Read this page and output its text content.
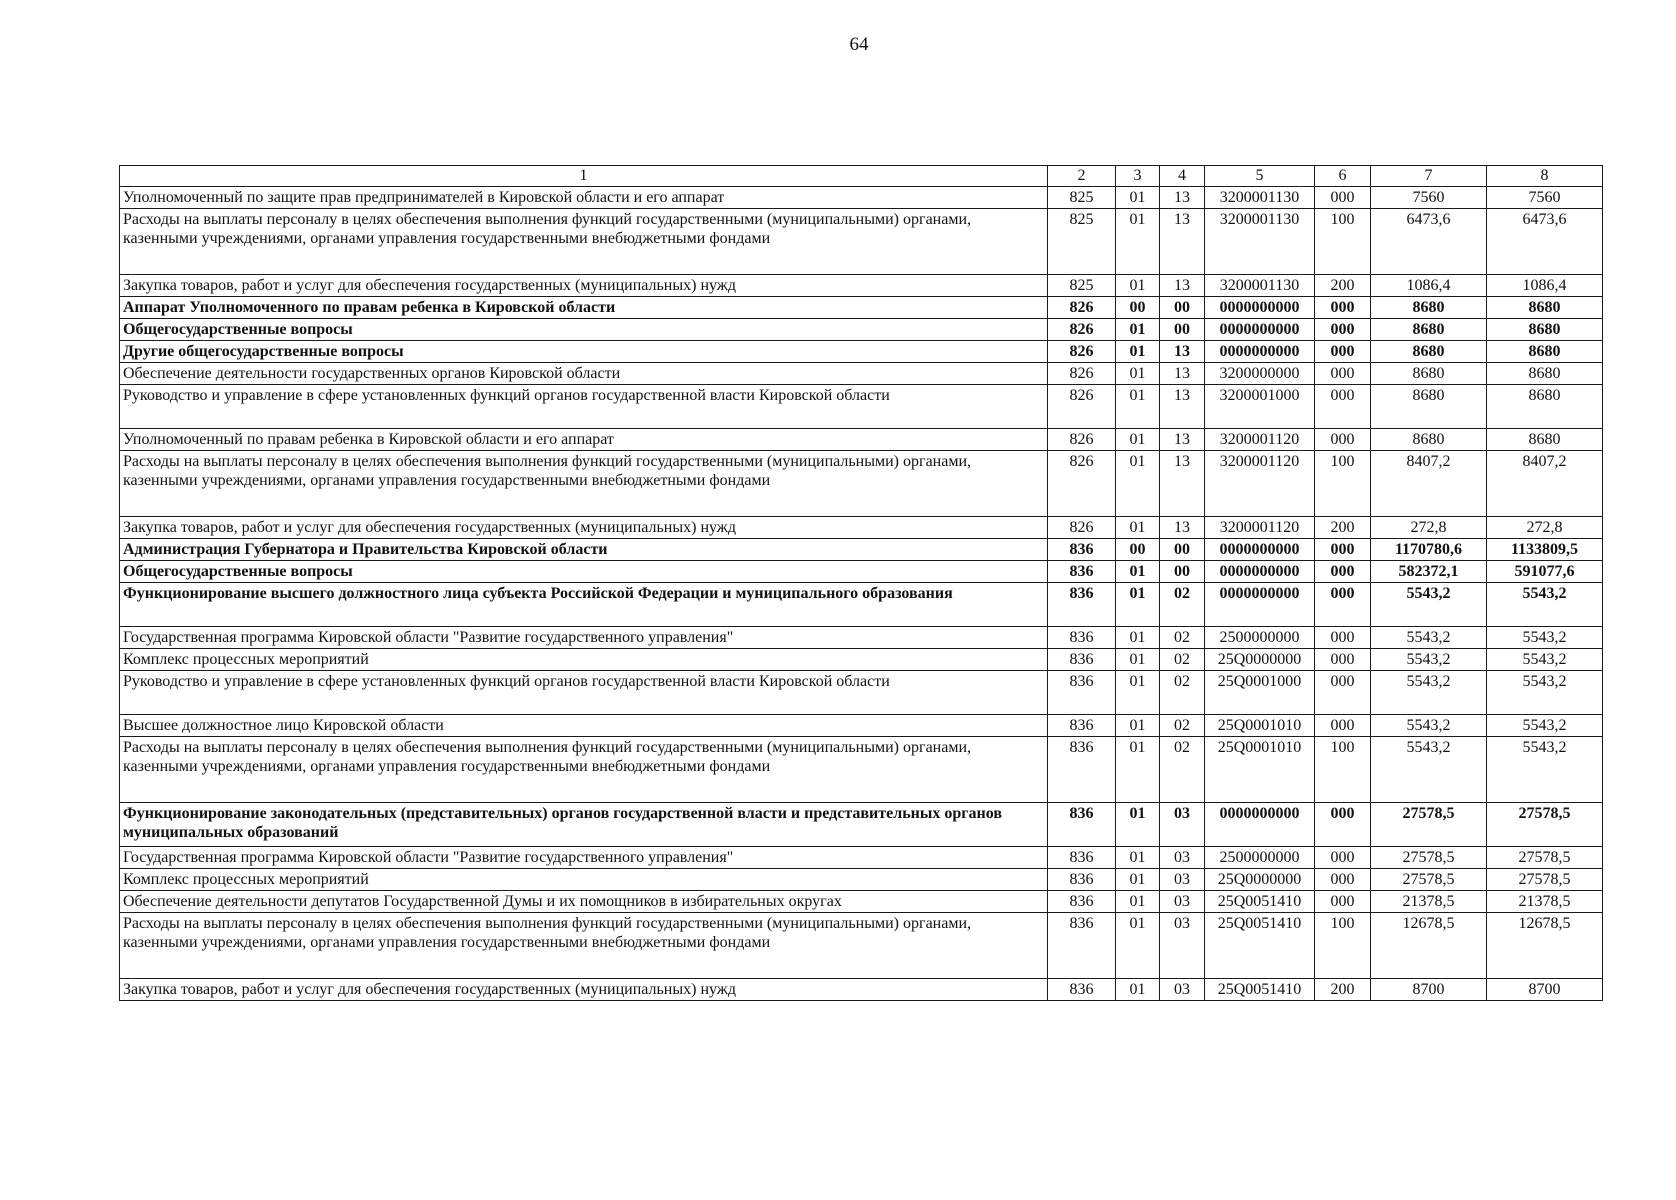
64
1	2	3	4	5	6	7	8
Уполномоченный по защите прав предпринимателей в Кировской области и его аппарат	825	01	13	3200001130	000	7560	7560
Расходы на выплаты персоналу в целях обеспечения выполнения функций государственными (муниципальными) органами, казенными учреждениями, органами управления государственными внебюджетными фондами	825	01	13	3200001130	100	6473,6	6473,6
Закупка товаров, работ и услуг для обеспечения государственных (муниципальных) нужд	825	01	13	3200001130	200	1086,4	1086,4
Аппарат Уполномоченного по правам ребенка в Кировской области	826	00	00	0000000000	000	8680	8680
Общегосударственные вопросы	826	01	00	0000000000	000	8680	8680
Другие общегосударственные вопросы	826	01	13	0000000000	000	8680	8680
Обеспечение деятельности государственных органов Кировской области	826	01	13	3200000000	000	8680	8680
Руководство и управление в сфере установленных функций органов государственной власти Кировской области	826	01	13	3200001000	000	8680	8680
Уполномоченный по правам ребенка в Кировской области и его аппарат	826	01	13	3200001120	000	8680	8680
Расходы на выплаты персоналу в целях обеспечения выполнения функций государственными (муниципальными) органами, казенными учреждениями, органами управления государственными внебюджетными фондами	826	01	13	3200001120	100	8407,2	8407,2
Закупка товаров, работ и услуг для обеспечения государственных (муниципальных) нужд	826	01	13	3200001120	200	272,8	272,8
Администрация Губернатора и Правительства Кировской области	836	00	00	0000000000	000	1170780,6	1133809,5
Общегосударственные вопросы	836	01	00	0000000000	000	582372,1	591077,6
Функционирование высшего должностного лица субъекта Российской Федерации и муниципального образования	836	01	02	0000000000	000	5543,2	5543,2
Государственная программа Кировской области "Развитие государственного управления"	836	01	02	2500000000	000	5543,2	5543,2
Комплекс процессных мероприятий	836	01	02	25Q0000000	000	5543,2	5543,2
Руководство и управление в сфере установленных функций органов государственной власти Кировской области	836	01	02	25Q0001000	000	5543,2	5543,2
Высшее должностное лицо Кировской области	836	01	02	25Q0001010	000	5543,2	5543,2
Расходы на выплаты персоналу в целях обеспечения выполнения функций государственными (муниципальными) органами, казенными учреждениями, органами управления государственными внебюджетными фондами	836	01	02	25Q0001010	100	5543,2	5543,2
Функционирование законодательных (представительных) органов государственной власти и представительных органов муниципальных образований	836	01	03	0000000000	000	27578,5	27578,5
Государственная программа Кировской области "Развитие государственного управления"	836	01	03	2500000000	000	27578,5	27578,5
Комплекс процессных мероприятий	836	01	03	25Q0000000	000	27578,5	27578,5
Обеспечение деятельности депутатов Государственной Думы и их помощников в избирательных округах	836	01	03	25Q0051410	000	21378,5	21378,5
Расходы на выплаты персоналу в целях обеспечения выполнения функций государственными (муниципальными) органами, казенными учреждениями, органами управления государственными внебюджетными фондами	836	01	03	25Q0051410	100	12678,5	12678,5
Закупка товаров, работ и услуг для обеспечения государственных (муниципальных) нужд	836	01	03	25Q0051410	200	8700	8700
